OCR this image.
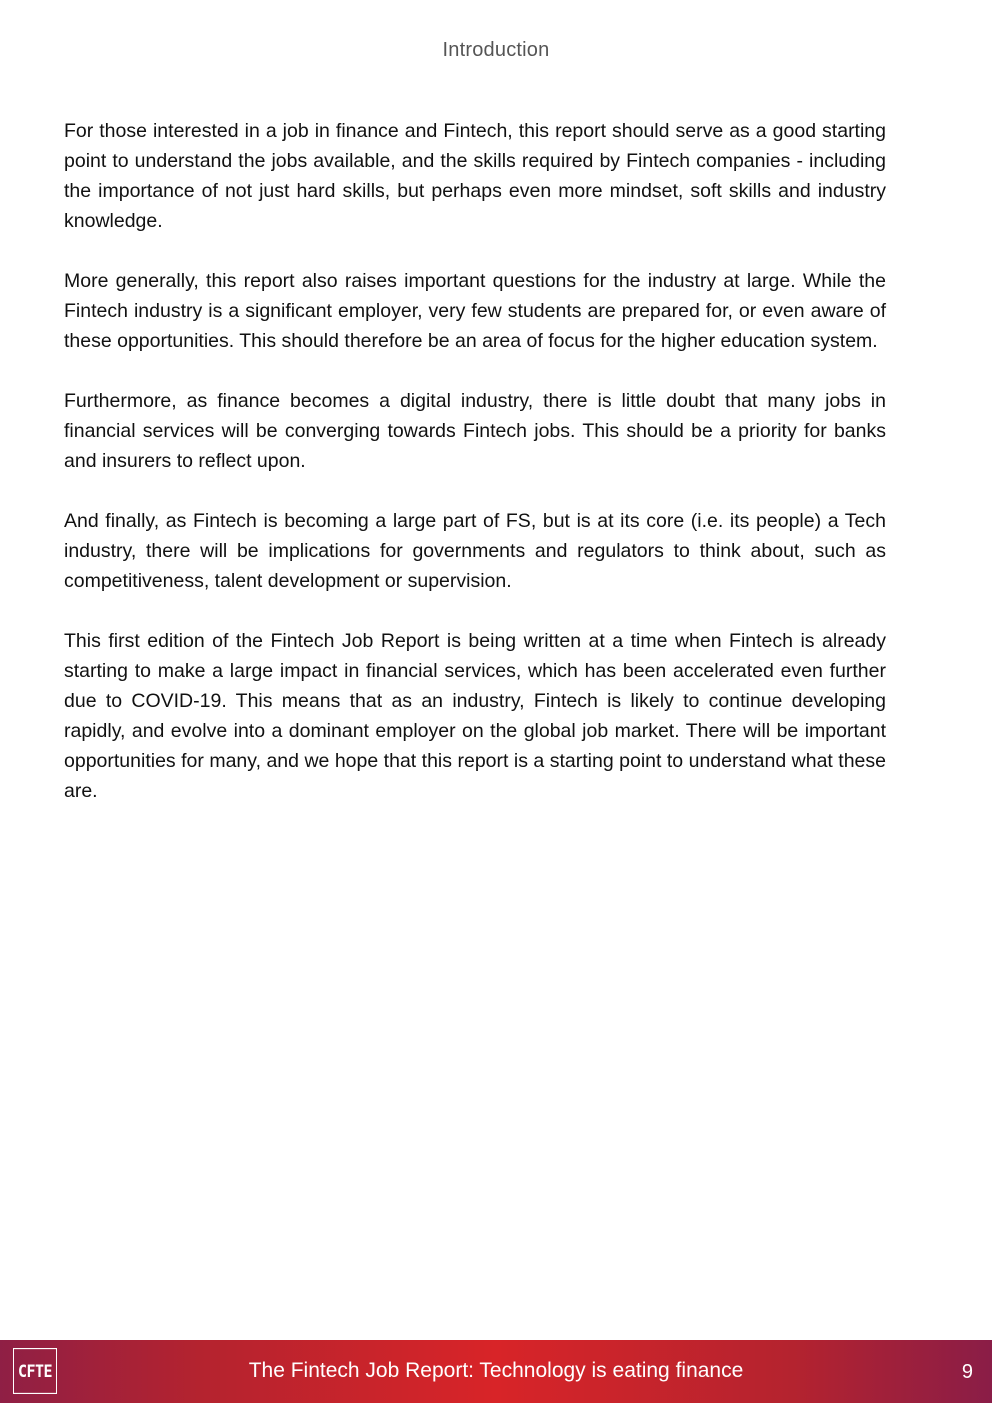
Introduction

For those interested in a job in finance and Fintech, this report should serve as a good starting point to understand the jobs available, and the skills required by Fintech companies - including the importance of not just hard skills, but perhaps even more mindset, soft skills and industry knowledge.

More generally, this report also raises important questions for the industry at large. While the Fintech industry is a significant employer, very few students are prepared for, or even aware of these opportunities. This should therefore be an area of focus for the higher education system.

Furthermore, as finance becomes a digital industry, there is little doubt that many jobs in financial services will be converging towards Fintech jobs. This should be a priority for banks and insurers to reflect upon.

And finally, as Fintech is becoming a large part of FS, but is at its core (i.e. its people) a Tech industry, there will be implications for governments and regulators to think about, such as competitiveness, talent development or supervision.

This first edition of the Fintech Job Report is being written at a time when Fintech is already starting to make a large impact in financial services, which has been accelerated even further due to COVID-19. This means that as an industry, Fintech is likely to continue developing rapidly, and evolve into a dominant employer on the global job market. There will be important opportunities for many, and we hope that this report is a starting point to understand what these are.

CFTE	The Fintech Job Report: Technology is eating finance	9
